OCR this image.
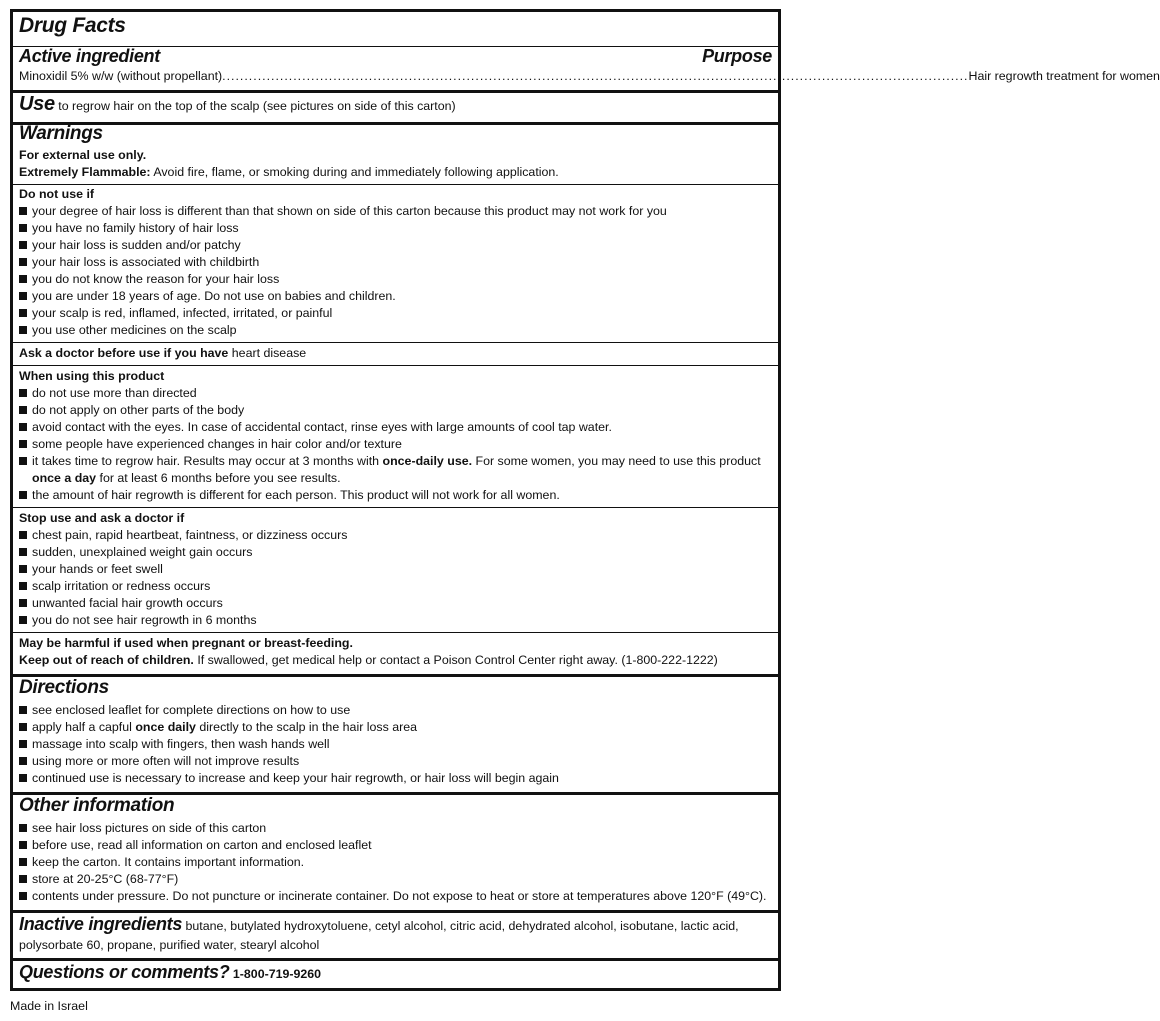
Drug Facts
Active ingredient	Purpose
Minoxidil 5% w/w (without propellant) ........................................................................................................................................................................ Hair regrowth treatment for women
Use to regrow hair on the top of the scalp (see pictures on side of this carton)
Warnings
For external use only.
Extremely Flammable: Avoid fire, flame, or smoking during and immediately following application.
Do not use if
your degree of hair loss is different than that shown on side of this carton because this product may not work for you
you have no family history of hair loss
your hair loss is sudden and/or patchy
your hair loss is associated with childbirth
you do not know the reason for your hair loss
you are under 18 years of age. Do not use on babies and children.
your scalp is red, inflamed, infected, irritated, or painful
you use other medicines on the scalp
Ask a doctor before use if you have heart disease
When using this product
do not use more than directed
do not apply on other parts of the body
avoid contact with the eyes. In case of accidental contact, rinse eyes with large amounts of cool tap water.
some people have experienced changes in hair color and/or texture
it takes time to regrow hair. Results may occur at 3 months with once-daily use. For some women, you may need to use this product
once a day for at least 6 months before you see results.
the amount of hair regrowth is different for each person. This product will not work for all women.
Stop use and ask a doctor if
chest pain, rapid heartbeat, faintness, or dizziness occurs
sudden, unexplained weight gain occurs
your hands or feet swell
scalp irritation or redness occurs
unwanted facial hair growth occurs
you do not see hair regrowth in 6 months
May be harmful if used when pregnant or breast-feeding.
Keep out of reach of children. If swallowed, get medical help or contact a Poison Control Center right away. (1-800-222-1222)
Directions
see enclosed leaflet for complete directions on how to use
apply half a capful once daily directly to the scalp in the hair loss area
massage into scalp with fingers, then wash hands well
using more or more often will not improve results
continued use is necessary to increase and keep your hair regrowth, or hair loss will begin again
Other information
see hair loss pictures on side of this carton
before use, read all information on carton and enclosed leaflet
keep the carton. It contains important information.
store at 20-25°C (68-77°F)
contents under pressure. Do not puncture or incinerate container. Do not expose to heat or store at temperatures above 120°F (49°C).
Inactive ingredients butane, butylated hydroxytoluene, cetyl alcohol, citric acid, dehydrated alcohol, isobutane, lactic acid,
polysorbate 60, propane, purified water, stearyl alcohol
Questions or comments? 1-800-719-9260
Made in Israel
